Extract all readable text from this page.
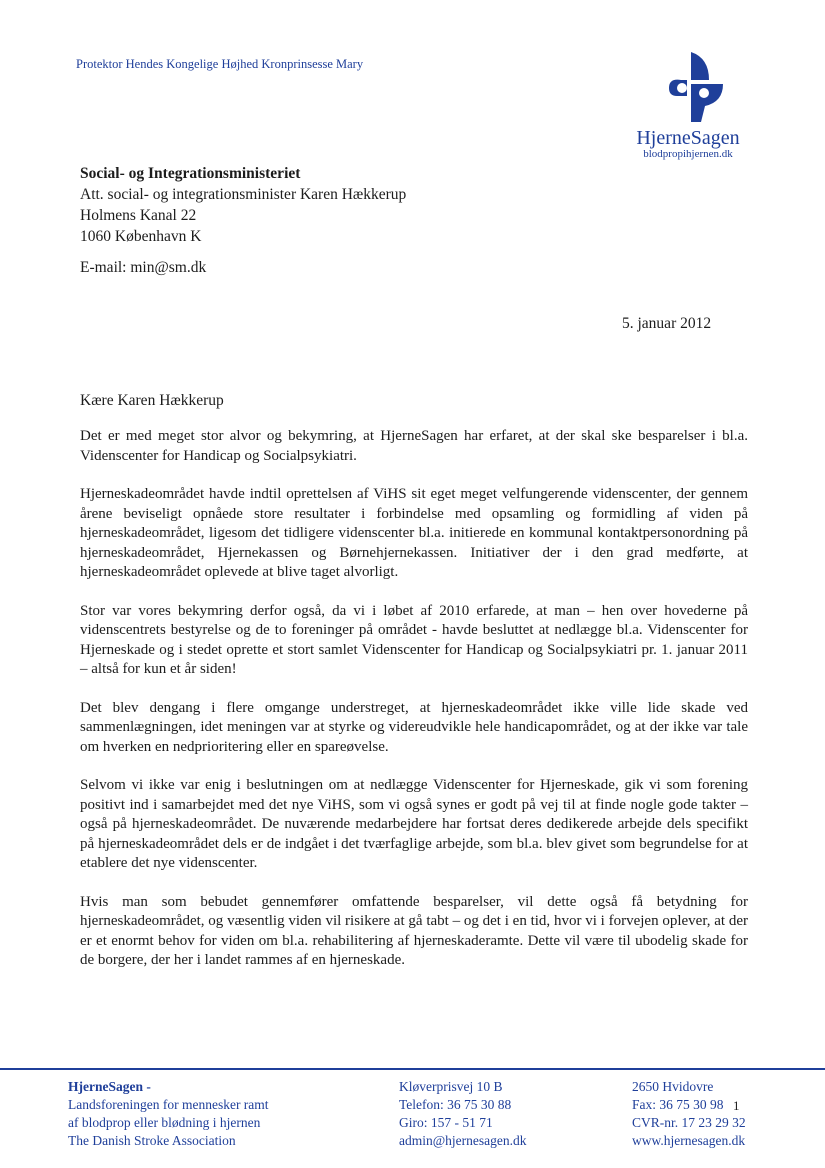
Protektor Hendes Kongelige Højhed Kronprinsesse Mary
HjerneSagen
blodpropihjernen.dk
Social- og Integrationsministeriet
Att. social- og integrationsminister Karen Hækkerup
Holmens Kanal 22
1060 København K
E-mail: min@sm.dk
5. januar 2012
Kære Karen Hækkerup

Det er med meget stor alvor og bekymring, at HjerneSagen har erfaret, at der skal ske besparelser i bl.a. Videnscenter for Handicap og Socialpsykiatri.

Hjerneskadeområdet havde indtil oprettelsen af ViHS sit eget meget velfungerende videnscenter, der gennem årene beviseligt opnåede store resultater i forbindelse med opsamling og formidling af viden på hjerneskadeområdet, ligesom det tidligere videnscenter bl.a. initierede en kommunal kontaktpersonordning på hjerneskadeområdet, Hjernekassen og Børnehjernekassen. Initiativer der i den grad medførte, at hjerneskadeområdet oplevede at blive taget alvorligt.

Stor var vores bekymring derfor også, da vi i løbet af 2010 erfarede, at man – hen over hovederne på videnscentrets bestyrelse og de to foreninger på området - havde besluttet at nedlægge bl.a. Videnscenter for Hjerneskade og i stedet oprette et stort samlet Videnscenter for Handicap og Socialpsykiatri pr. 1. januar 2011 – altså for kun et år siden!

Det blev dengang i flere omgange understreget, at hjerneskadeområdet ikke ville lide skade ved sammenlægningen, idet meningen var at styrke og videreudvikle hele handicapområdet, og at der ikke var tale om hverken en nedprioritering eller en spareøvelse.

Selvom vi ikke var enig i beslutningen om at nedlægge Videnscenter for Hjerneskade, gik vi som forening positivt ind i samarbejdet med det nye ViHS, som vi også synes er godt på vej til at finde nogle gode takter – også på hjerneskadeområdet. De nuværende medarbejdere har fortsat deres dedikerede arbejde dels specifikt på hjerneskadeområdet dels er de indgået i det tværfaglige arbejde, som bl.a. blev givet som begrundelse for at etablere det nye videnscenter.

Hvis man som bebudet gennemfører omfattende besparelser, vil dette også få betydning for hjerneskadeområdet, og væsentlig viden vil risikere at gå tabt – og det i en tid, hvor vi i forvejen oplever, at der er et enormt behov for viden om bl.a. rehabilitering af hjerneskaderamte. Dette vil være til ubodelig skade for de borgere, der her i landet rammes af en hjerneskade.

HjerneSagen -
Landsforeningen for mennesker ramt
af blodprop eller blødning i hjernen
The Danish Stroke Association
Kløverprisvej 10 B
Telefon: 36 75 30 88
Giro: 157 - 51 71
admin@hjernesagen.dk
2650 Hvidovre
Fax: 36 75 30 98
CVR-nr. 17 23 29 32
www.hjernesagen.dk
1
